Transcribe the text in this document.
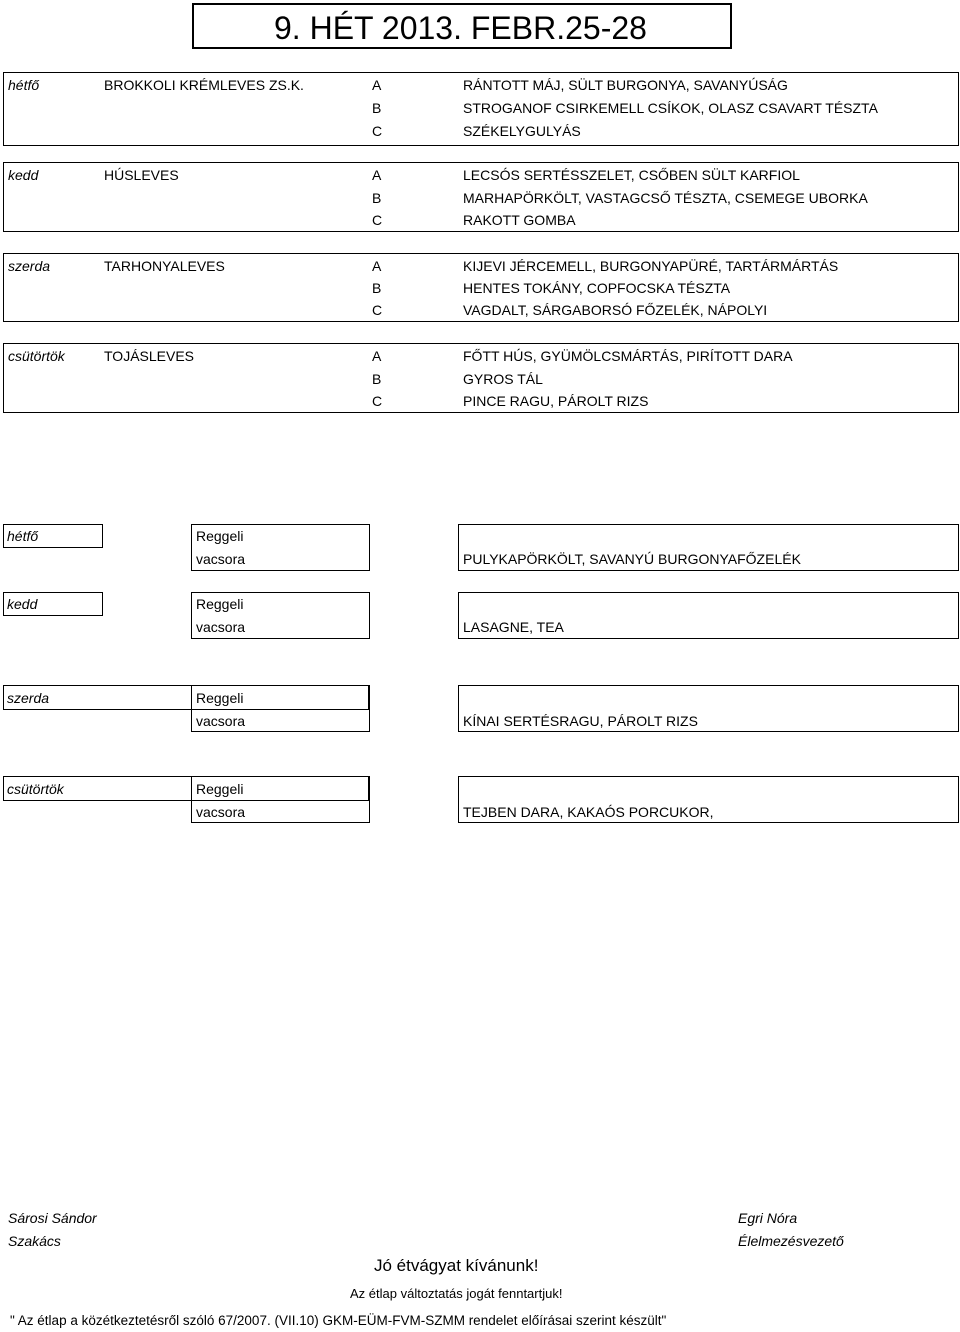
9. HÉT 2013. FEBR.25-28
hétfő	BROKKOLI KRÉMLEVES ZS.K.	A	RÁNTOTT MÁJ, SÜLT BURGONYA, SAVANYÚSÁG
B	STROGANOF CSIRKEMELL CSÍKOK, OLASZ CSAVART TÉSZTA
C	SZÉKELYGULYÁS
kedd	HÚSLEVES	A	LECSÓS SERTÉSSZELET, CSŐBEN SÜLT KARFIOL
B	MARHAPÖRKÖLT, VASTAGCSŐ TÉSZTA, CSEMEGE UBORKA
C	RAKOTT GOMBA
szerda	TARHONYALEVES	A	KIJEVI JÉRCEMELL, BURGONYAPÜRÉ, TARTÁRMÁRTÁS
B	HENTES TOKÁNY, COPFOCSKA TÉSZTA
C	VAGDALT, SÁRGABORSÓ FŐZELÉK, NÁPOLYI
csütörtök	TOJÁSLEVES	A	FŐTT HÚS, GYÜMÖLCSMÁRTÁS, PIRÍTOTT DARA
B	GYROS TÁL
C	PINCE RAGU, PÁROLT RIZS
hétfő	Reggeli
vacsora	PULYKAPÖRKÖLT, SAVANYÚ BURGONYAFŐZELÉK
kedd	Reggeli
vacsora	LASAGNE, TEA
szerda	Reggeli
vacsora	KÍNAI SERTÉSRAGU, PÁROLT RIZS
csütörtök	Reggeli
vacsora	TEJBEN DARA, KAKAÓS PORCUKOR,
Sárosi Sándor
Szakács
Egri Nóra
Élelmezésvezető
Jó étvágyat kívánunk!
Az étlap változtatás jogát fenntartjuk!
" Az étlap a közétkeztetésről szóló 67/2007. (VII.10) GKM-EÜM-FVM-SZMM rendelet előírásai szerint készült"
